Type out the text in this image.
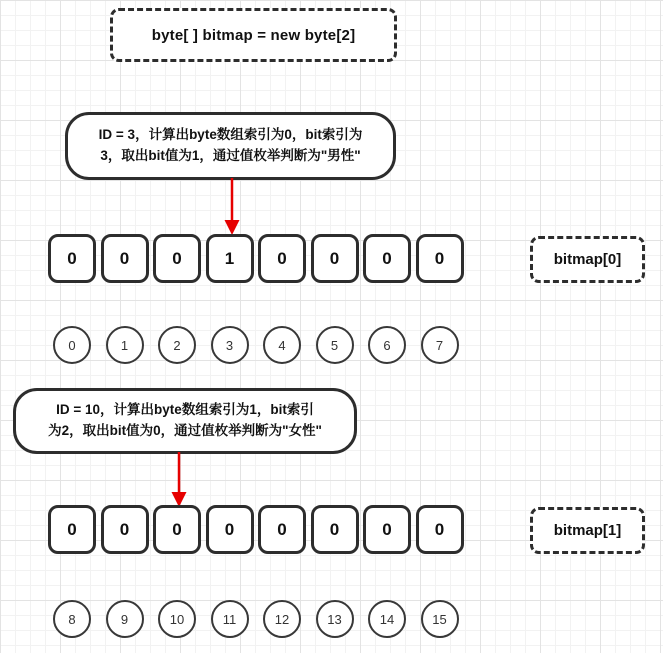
byte[ ] bitmap = new byte[2]
ID = 3，计算出byte数组索引为0，bit索引为
3，取出bit值为1，通过值枚举判断为"男性"
0	0	0	1	0	0	0	0	bitmap[0]
0	1	2	3	4	5	6	7
ID = 10，计算出byte数组索引为1，bit索引
为2，取出bit值为0，通过值枚举判断为"女性"
0	0	0	0	0	0	0	0	bitmap[1]
8	9	10	11	12	13	14	15
